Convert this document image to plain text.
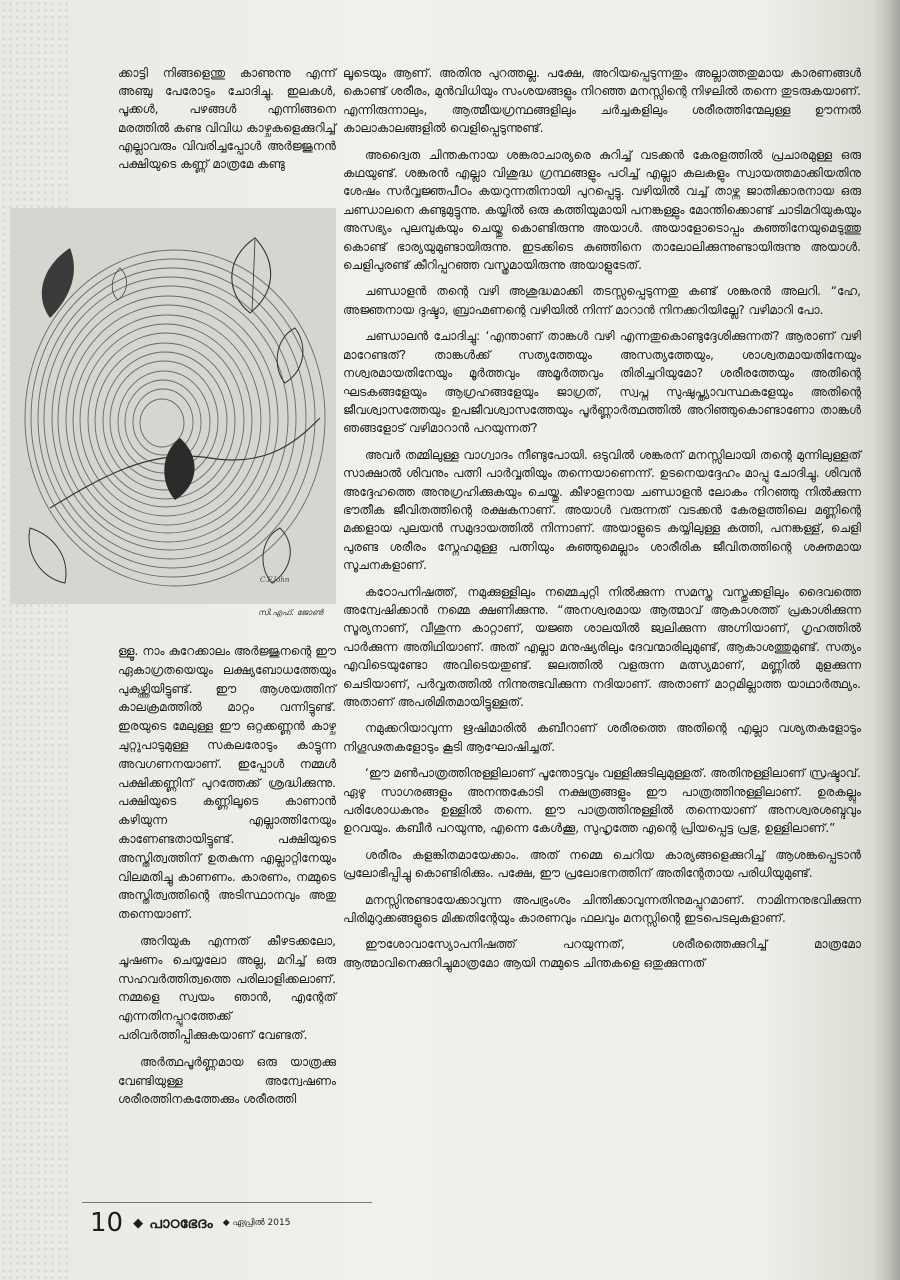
ക്കാട്ടി നിങ്ങളെന്തു കാണുന്നു എന്ന് അഞ്ചു പേരോടും ചോദിച്ചു. ഇലകൾ, പൂക്കൾ, പഴങ്ങൾ എന്നിങ്ങനെ മരത്തിൽ കണ്ട വിവിധ കാഴ്ചകളെക്കുറിച്ച് എല്ലാവരും വിവരിച്ചപ്പോൾ അർജ്ജുനൻ പക്ഷിയുടെ കണ്ണ് മാത്രമേ കണ്ടു

C.F.John
സി.എഫ്. ജോൺ

ള്ളൂ. നാം കുറേക്കാലം അർജ്ജുനന്റെ ഈ ഏകാഗ്രതയെയും ലക്ഷ്യബോധത്തേയും പുകഴ്ത്തിയിട്ടുണ്ട്. ഈ ആശയത്തിന് കാലക്രമത്തിൽ മാറ്റം വന്നിട്ടുണ്ട്. ഇരയുടെ മേലുള്ള ഈ ഒറ്റക്കണ്ണൻ കാഴ്ച ചുറ്റുപാടുമുള്ള സകലരോടും കാട്ടുന്ന അവഗണനയാണ്. ഇപ്പോൾ നമ്മൾ പക്ഷിക്കണ്ണിന് പുറത്തേക്ക് ശ്രദ്ധിക്കുന്നു. പക്ഷിയുടെ കണ്ണിലൂടെ കാണാൻ കഴിയുന്ന എല്ലാത്തിനേയും കാണേണ്ടതായിട്ടുണ്ട്. പക്ഷിയുടെ അസ്തിത്വത്തിന് ഉതകുന്ന എല്ലാറ്റിനേയും വിലമതിച്ചു കാണണം. കാരണം, നമ്മുടെ അസ്തിത്വത്തിന്റെ അടിസ്ഥാനവും അതു തന്നെയാണ്.

അറിയുക എന്നത് കീഴടക്കലോ, ചൂഷണം ചെയ്യലോ അല്ല, മറിച്ച് ഒരു സഹവർത്തിത്വത്തെ പരിലാളിക്കലാണ്. നമ്മളെ സ്വയം ഞാൻ, എന്റേത് എന്നതിനപ്പുറത്തേക്ക് പരിവർത്തിപ്പിക്കുകയാണ് വേണ്ടത്.

അർത്ഥപൂർണ്ണമായ ഒരു യാത്രക്കു വേണ്ടിയുള്ള അന്വേഷണം ശരീരത്തിനകത്തേക്കും ശരീരത്തി

ലൂടെയും ആണ്. അതിനു പുറത്തല്ല. പക്ഷേ, അറിയപ്പെടുന്നതും അല്ലാത്തതുമായ കാരണങ്ങൾ കൊണ്ട് ശരീരം, മുൻവിധിയും സംശയങ്ങളും നിറഞ്ഞ മനസ്സിന്റെ നിഴലിൽ തന്നെ തുടരുകയാണ്. എന്നിരുന്നാലും, ആത്മീയഗ്രന്ഥങ്ങളിലും ചർച്ചകളിലും ശരീരത്തിന്മേലുള്ള ഊന്നൽ കാലാകാലങ്ങളിൽ വെളിപ്പെടുന്നുണ്ട്.

അദ്വൈത ചിന്തകനായ ശങ്കരാചാര്യരെ കുറിച്ച് വടക്കൻ കേരളത്തിൽ പ്രചാരമുള്ള ഒരു കഥയുണ്ട്. ശങ്കരൻ എല്ലാ വിശുദ്ധ ഗ്രന്ഥങ്ങളും പഠിച്ച് എല്ലാ കലകളും സ്വായത്തമാക്കിയതിനു ശേഷം സർവ്വജ്ഞപീഠം കയറുന്നതിനായി പുറപ്പെട്ടു. വഴിയിൽ വച്ച് താഴ്ന്ന ജാതിക്കാരനായ ഒരു ചണ്ഡാലനെ കണ്ടുമുട്ടുന്നു. കയ്യിൽ ഒരു കത്തിയുമായി പനങ്കള്ളും മോന്തിക്കൊണ്ട് ചാടിമറിയുകയും അസഭ്യം പുലമ്പുകയും ചെയ്തു കൊണ്ടിരുന്നു അയാൾ. അയാളോടൊപ്പം കുഞ്ഞിനേയുമെടുത്തു കൊണ്ട് ഭാര്യയുമുണ്ടായിരുന്നു. ഇടക്കിടെ കുഞ്ഞിനെ താലോലിക്കുന്നുണ്ടായിരുന്നു അയാൾ. ചെളിപുരണ്ട് കീറിപ്പറഞ്ഞ വസ്ത്രമായിരുന്നു അയാളുടേത്.

ചണ്ഡാളൻ തന്റെ വഴി അശുദ്ധമാക്കി തടസ്സപ്പെടുന്നതു കണ്ട് ശങ്കരൻ അലറി. “ഹേ, അജ്ഞനായ ദുഷ്ടാ, ബ്രാഹ്മണന്റെ വഴിയിൽ നിന്ന് മാറാൻ നിനക്കറിയില്ലേ? വഴിമാറി പോ.

ചണ്ഡാലൻ ചോദിച്ചു: ‘എന്താണ് താങ്കൾ വഴി എന്നതുകൊണ്ടുദ്ദേശിക്കുന്നത്? ആരാണ് വഴി മാറേണ്ടത്? താങ്കൾക്ക് സത്യത്തേയും അസത്യത്തേയും, ശാശ്വതമായതിനേയും നശ്വരമായതിനേയും മൂർത്തവും അമൂർത്തവും തിരിച്ചറിയുമോ? ശരീരത്തേയും അതിന്റെ ഘടകങ്ങളേയും ആഗ്രഹങ്ങളേയും ജാഗ്രത്, സ്വപ്ന സുഷുപ്ത്യാവസ്ഥകളേയും അതിന്റെ ജീവശ്വാസത്തേയും ഉപജീവശ്വാസത്തേയും പൂർണ്ണാർത്ഥത്തിൽ അറിഞ്ഞുകൊണ്ടാണോ താങ്കൾ ഞങ്ങളോട് വഴിമാറാൻ പറയുന്നത്?

അവർ തമ്മിലുള്ള വാഗ്വാദം നീണ്ടുപോയി. ഒടുവിൽ ശങ്കരന് മനസ്സിലായി തന്റെ മുന്നിലുള്ളത് സാക്ഷാൽ ശിവനും പത്നി പാർവ്വതിയും തന്നെയാണെന്ന്. ഉടനെയദ്ദേഹം മാപ്പു ചോദിച്ചു. ശിവൻ അദ്ദേഹത്തെ അനുഗ്രഹിക്കുകയും ചെയ്തു. കീഴാളനായ ചണ്ഡാളൻ ലോകം നിറഞ്ഞു നിൽക്കുന്ന ഭൗതീക ജീവിതത്തിന്റെ രക്ഷകനാണ്. അയാൾ വരുന്നത് വടക്കൻ കേരളത്തിലെ മണ്ണിന്റെ മക്കളായ പുലയൻ സമുദായത്തിൽ നിന്നാണ്. അയാളുടെ കയ്യിലുള്ള കത്തി, പനങ്കള്ള്, ചെളി പുരണ്ട ശരീരം സ്നേഹമുള്ള പത്നിയും കുഞ്ഞുമെല്ലാം ശാരീരിക ജീവിതത്തിന്റെ ശക്തമായ സൂചനകളാണ്.

കഠോപനിഷത്ത്, നമുക്കുള്ളിലും നമ്മെചുറ്റി നിൽക്കുന്ന സമസ്ത വസ്തുക്കളിലും ദൈവത്തെ അന്വേഷിക്കാൻ നമ്മെ ക്ഷണിക്കുന്നു. “അനശ്വരമായ ആത്മാവ് ആകാശത്ത് പ്രകാശിക്കുന്ന സൂര്യനാണ്, വീശുന്ന കാറ്റാണ്, യജ്ഞ ശാലയിൽ ജ്വലിക്കുന്ന അഗ്നിയാണ്, ഗൃഹത്തിൽ പാർക്കുന്ന അതിഥിയാണ്. അത് എല്ലാ മനുഷ്യരിലും ദേവന്മാരിലുമുണ്ട്, ആകാശത്തുമുണ്ട്. സത്യം എവിടെയുണ്ടോ അവിടെയതുണ്ട്. ജലത്തിൽ വളരുന്ന മത്സ്യമാണ്, മണ്ണിൽ മുളക്കുന്ന ചെടിയാണ്, പർവ്വതത്തിൽ നിന്നുത്ഭവിക്കുന്ന നദിയാണ്. അതാണ് മാറ്റമില്ലാത്ത യാഥാർത്ഥ്യം. അതാണ് അപരിമിതമായിട്ടുള്ളത്.

നമുക്കറിയാവുന്ന ഋഷിമാരിൽ കബീറാണ് ശരീരത്തെ അതിന്റെ എല്ലാ വശ്യതകളോടും നിഗൂഢതകളോടും കൂടി ആഘോഷിച്ചത്.

‘ഈ മൺപാത്രത്തിനുള്ളിലാണ് പൂന്തോട്ടവും വള്ളിക്കുടിലുമുള്ളത്. അതിനുള്ളിലാണ് സ്രഷ്ടാവ്. ഏഴു സാഗരങ്ങളും അനന്തകോടി നക്ഷത്രങ്ങളും ഈ പാത്രത്തിനുള്ളിലാണ്. ഉരകല്ലും പരിശോധകനും ഉള്ളിൽ തന്നെ. ഈ പാത്രത്തിനുള്ളിൽ തന്നെയാണ് അനശ്വരശബ്ദവും ഉറവയും. കബീർ പറയുന്നു, എന്നെ കേൾക്കൂ, സുഹൃത്തേ എന്റെ പ്രിയപ്പെട്ട പ്രഭു, ഉള്ളിലാണ്.”

ശരീരം കളങ്കിതമായേക്കാം. അത് നമ്മെ ചെറിയ കാര്യങ്ങളെക്കുറിച്ച് ആശങ്കപ്പെടാൻ പ്രലോഭിപ്പിച്ചു കൊണ്ടിരിക്കും. പക്ഷേ, ഈ പ്രലോഭനത്തിന് അതിന്റേതായ പരിധിയുമുണ്ട്.

മനസ്സിനുണ്ടായേക്കാവുന്ന അപഭ്രംശം ചിന്തിക്കാവുന്നതിനുമപ്പുറമാണ്. നാമിന്നനുഭവിക്കുന്ന പിരിമുറുക്കങ്ങളുടെ മിക്കതിന്റേയും കാരണവും ഫലവും മനസ്സിന്റെ ഇടപെടലുകളാണ്.

ഈശോവാസ്യോപനിഷത്ത് പറയുന്നത്, ശരീരത്തെക്കുറിച്ച് മാത്രമോ ആത്മാവിനെക്കുറിച്ചുമാത്രമോ ആയി നമ്മുടെ ചിന്തകളെ ഒതുക്കുന്നത്

10 ◆ പാഠഭേദം ◆ ഏപ്രിൽ 2015
